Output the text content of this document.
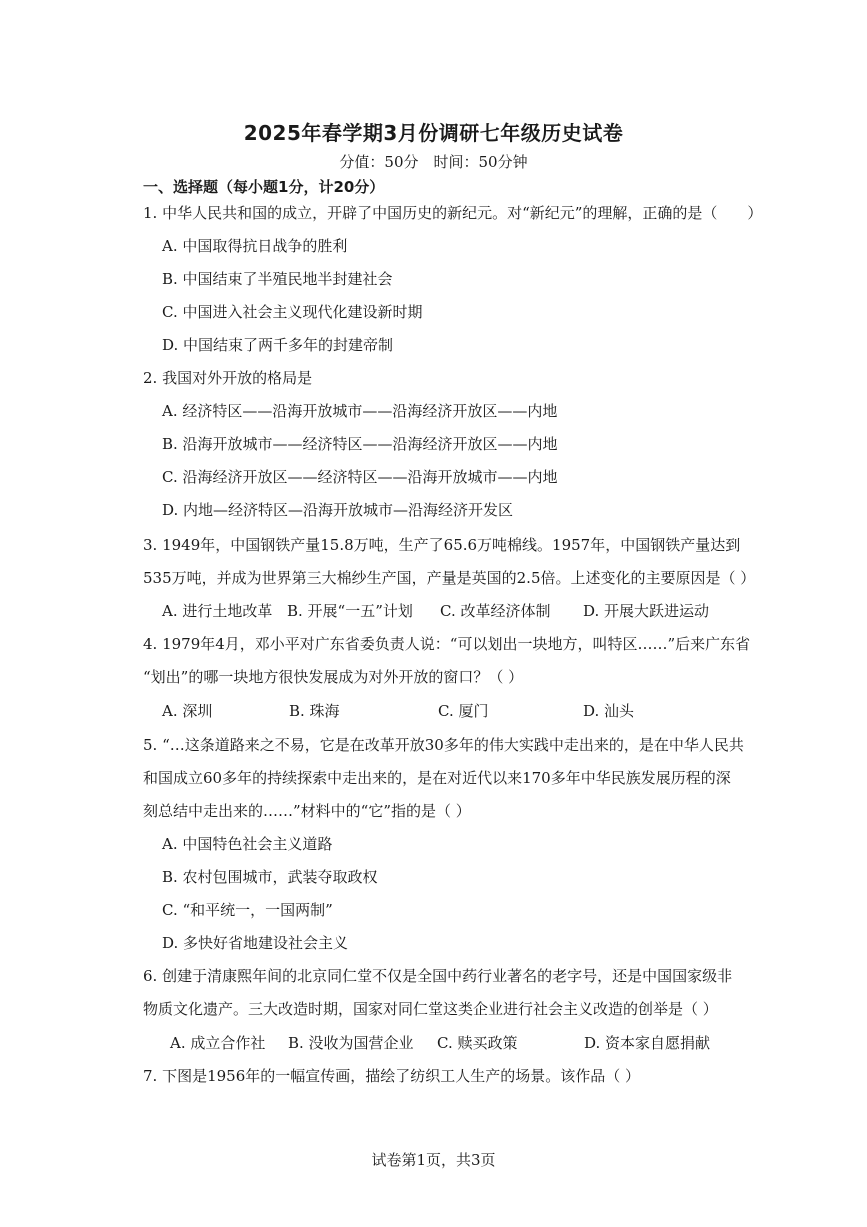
2025年春学期3月份调研七年级历史试卷
分值：50分　时间：50分钟
一、选择题（每小题1分，计20分）
1. 中华人民共和国的成立，开辟了中国历史的新纪元。对“新纪元”的理解，正确的是（　　）
A. 中国取得抗日战争的胜利
B. 中国结束了半殖民地半封建社会
C. 中国进入社会主义现代化建设新时期
D. 中国结束了两千多年的封建帝制
2. 我国对外开放的格局是
A. 经济特区——沿海开放城市——沿海经济开放区——内地
B. 沿海开放城市——经济特区——沿海经济开放区——内地
C. 沿海经济开放区——经济特区——沿海开放城市——内地
D. 内地—经济特区—沿海开放城市—沿海经济开发区
3. 1949年，中国钢铁产量15.8万吨，生产了65.6万吨棉线。1957年，中国钢铁产量达到
535万吨，并成为世界第三大棉纱生产国，产量是英国的2.5倍。上述变化的主要原因是（ ）
A. 进行土地改革 B. 开展“一五”计划 C. 改革经济体制 D. 开展大跃进运动
4. 1979年4月，邓小平对广东省委负责人说：“可以划出一块地方，叫特区……”后来广东省
“划出”的哪一块地方很快发展成为对外开放的窗口？（ ）
A. 深圳	B. 珠海	C. 厦门	D. 汕头
5. “…这条道路来之不易，它是在改革开放30多年的伟大实践中走出来的，是在中华人民共
和国成立60多年的持续探索中走出来的，是在对近代以来170多年中华民族发展历程的深
刻总结中走出来的……”材料中的“它”指的是（ ）
A. 中国特色社会主义道路
B. 农村包围城市，武装夺取政权
C. “和平统一，一国两制”
D. 多快好省地建设社会主义
6. 创建于清康熙年间的北京同仁堂不仅是全国中药行业著名的老字号，还是中国国家级非
物质文化遗产。三大改造时期，国家对同仁堂这类企业进行社会主义改造的创举是（ ）
A. 成立合作社 B. 没收为国营企业 C. 赎买政策	D. 资本家自愿捐献
7. 下图是1956年的一幅宣传画，描绘了纺织工人生产的场景。该作品（ ）
试卷第1页，共3页
